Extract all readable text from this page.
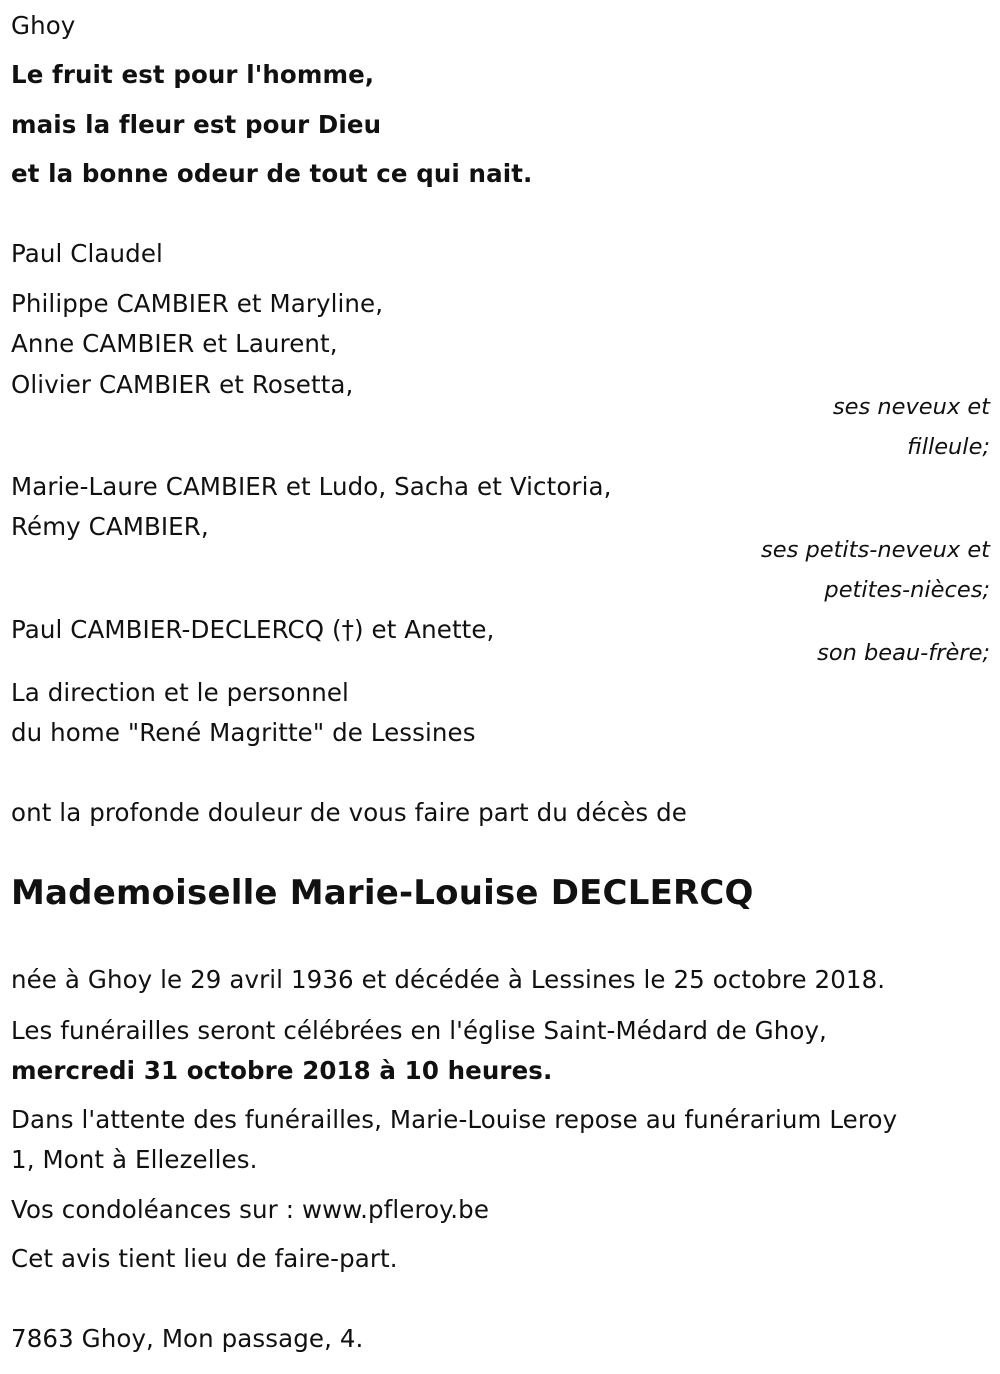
Ghoy
Le fruit est pour l'homme,
mais la fleur est pour Dieu
et la bonne odeur de tout ce qui nait.
Paul Claudel
Philippe CAMBIER et Maryline,
Anne CAMBIER et Laurent,
Olivier CAMBIER et Rosetta,
ses neveux et
filleule;
Marie-Laure CAMBIER et Ludo, Sacha et Victoria,
Rémy CAMBIER,
ses petits-neveux et
petites-nièces;
Paul CAMBIER-DECLERCQ (†) et Anette,
son beau-frère;
La direction et le personnel
du home "René Magritte" de Lessines
ont la profonde douleur de vous faire part du décès de
Mademoiselle Marie-Louise DECLERCQ
née à Ghoy le 29 avril 1936 et décédée à Lessines le 25 octobre 2018.
Les funérailles seront célébrées en l'église Saint-Médard de Ghoy,
mercredi 31 octobre 2018 à 10 heures.
Dans l'attente des funérailles, Marie-Louise repose au funérarium Leroy
1, Mont à Ellezelles.
Vos condoléances sur : www.pfleroy.be
Cet avis tient lieu de faire-part.
7863 Ghoy, Mon passage, 4.
